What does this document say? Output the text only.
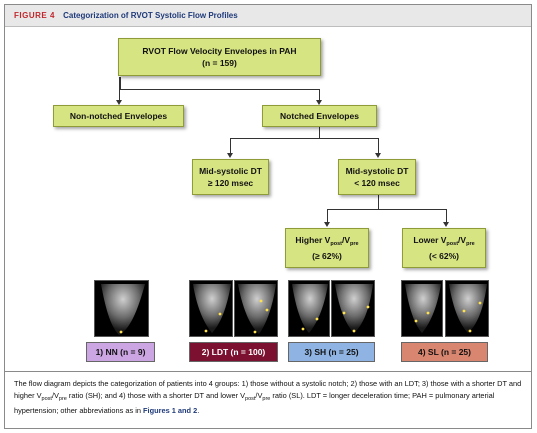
FIGURE 4 Categorization of RVOT Systolic Flow Profiles
RVOT Flow Velocity Envelopes in PAH
(n = 159)
Non-notched Envelopes	Notched Envelopes
Mid-systolic DT
≥ 120 msec
Mid-systolic DT
< 120 msec
Higher $V_{post}/V_{pre}$
(≥ 62%)
Lower $V_{post}/V_{pre}$
(< 62%)
1) NN (n = 9)	2) LDT (n = 100)	3) SH (n = 25)	4) SL (n = 25)
The flow diagram depicts the categorization of patients into 4 groups: 1) those without a systolic notch; 2) those with an LDT; 3) those with a shorter DT and higher $V_{post}/V_{pre}$ ratio (SH); and 4) those with a shorter DT and lower $V_{post}/V_{pre}$ ratio (SL). LDT = longer deceleration time; PAH = pulmonary arterial hypertension; other abbreviations as in Figures 1 and 2.
